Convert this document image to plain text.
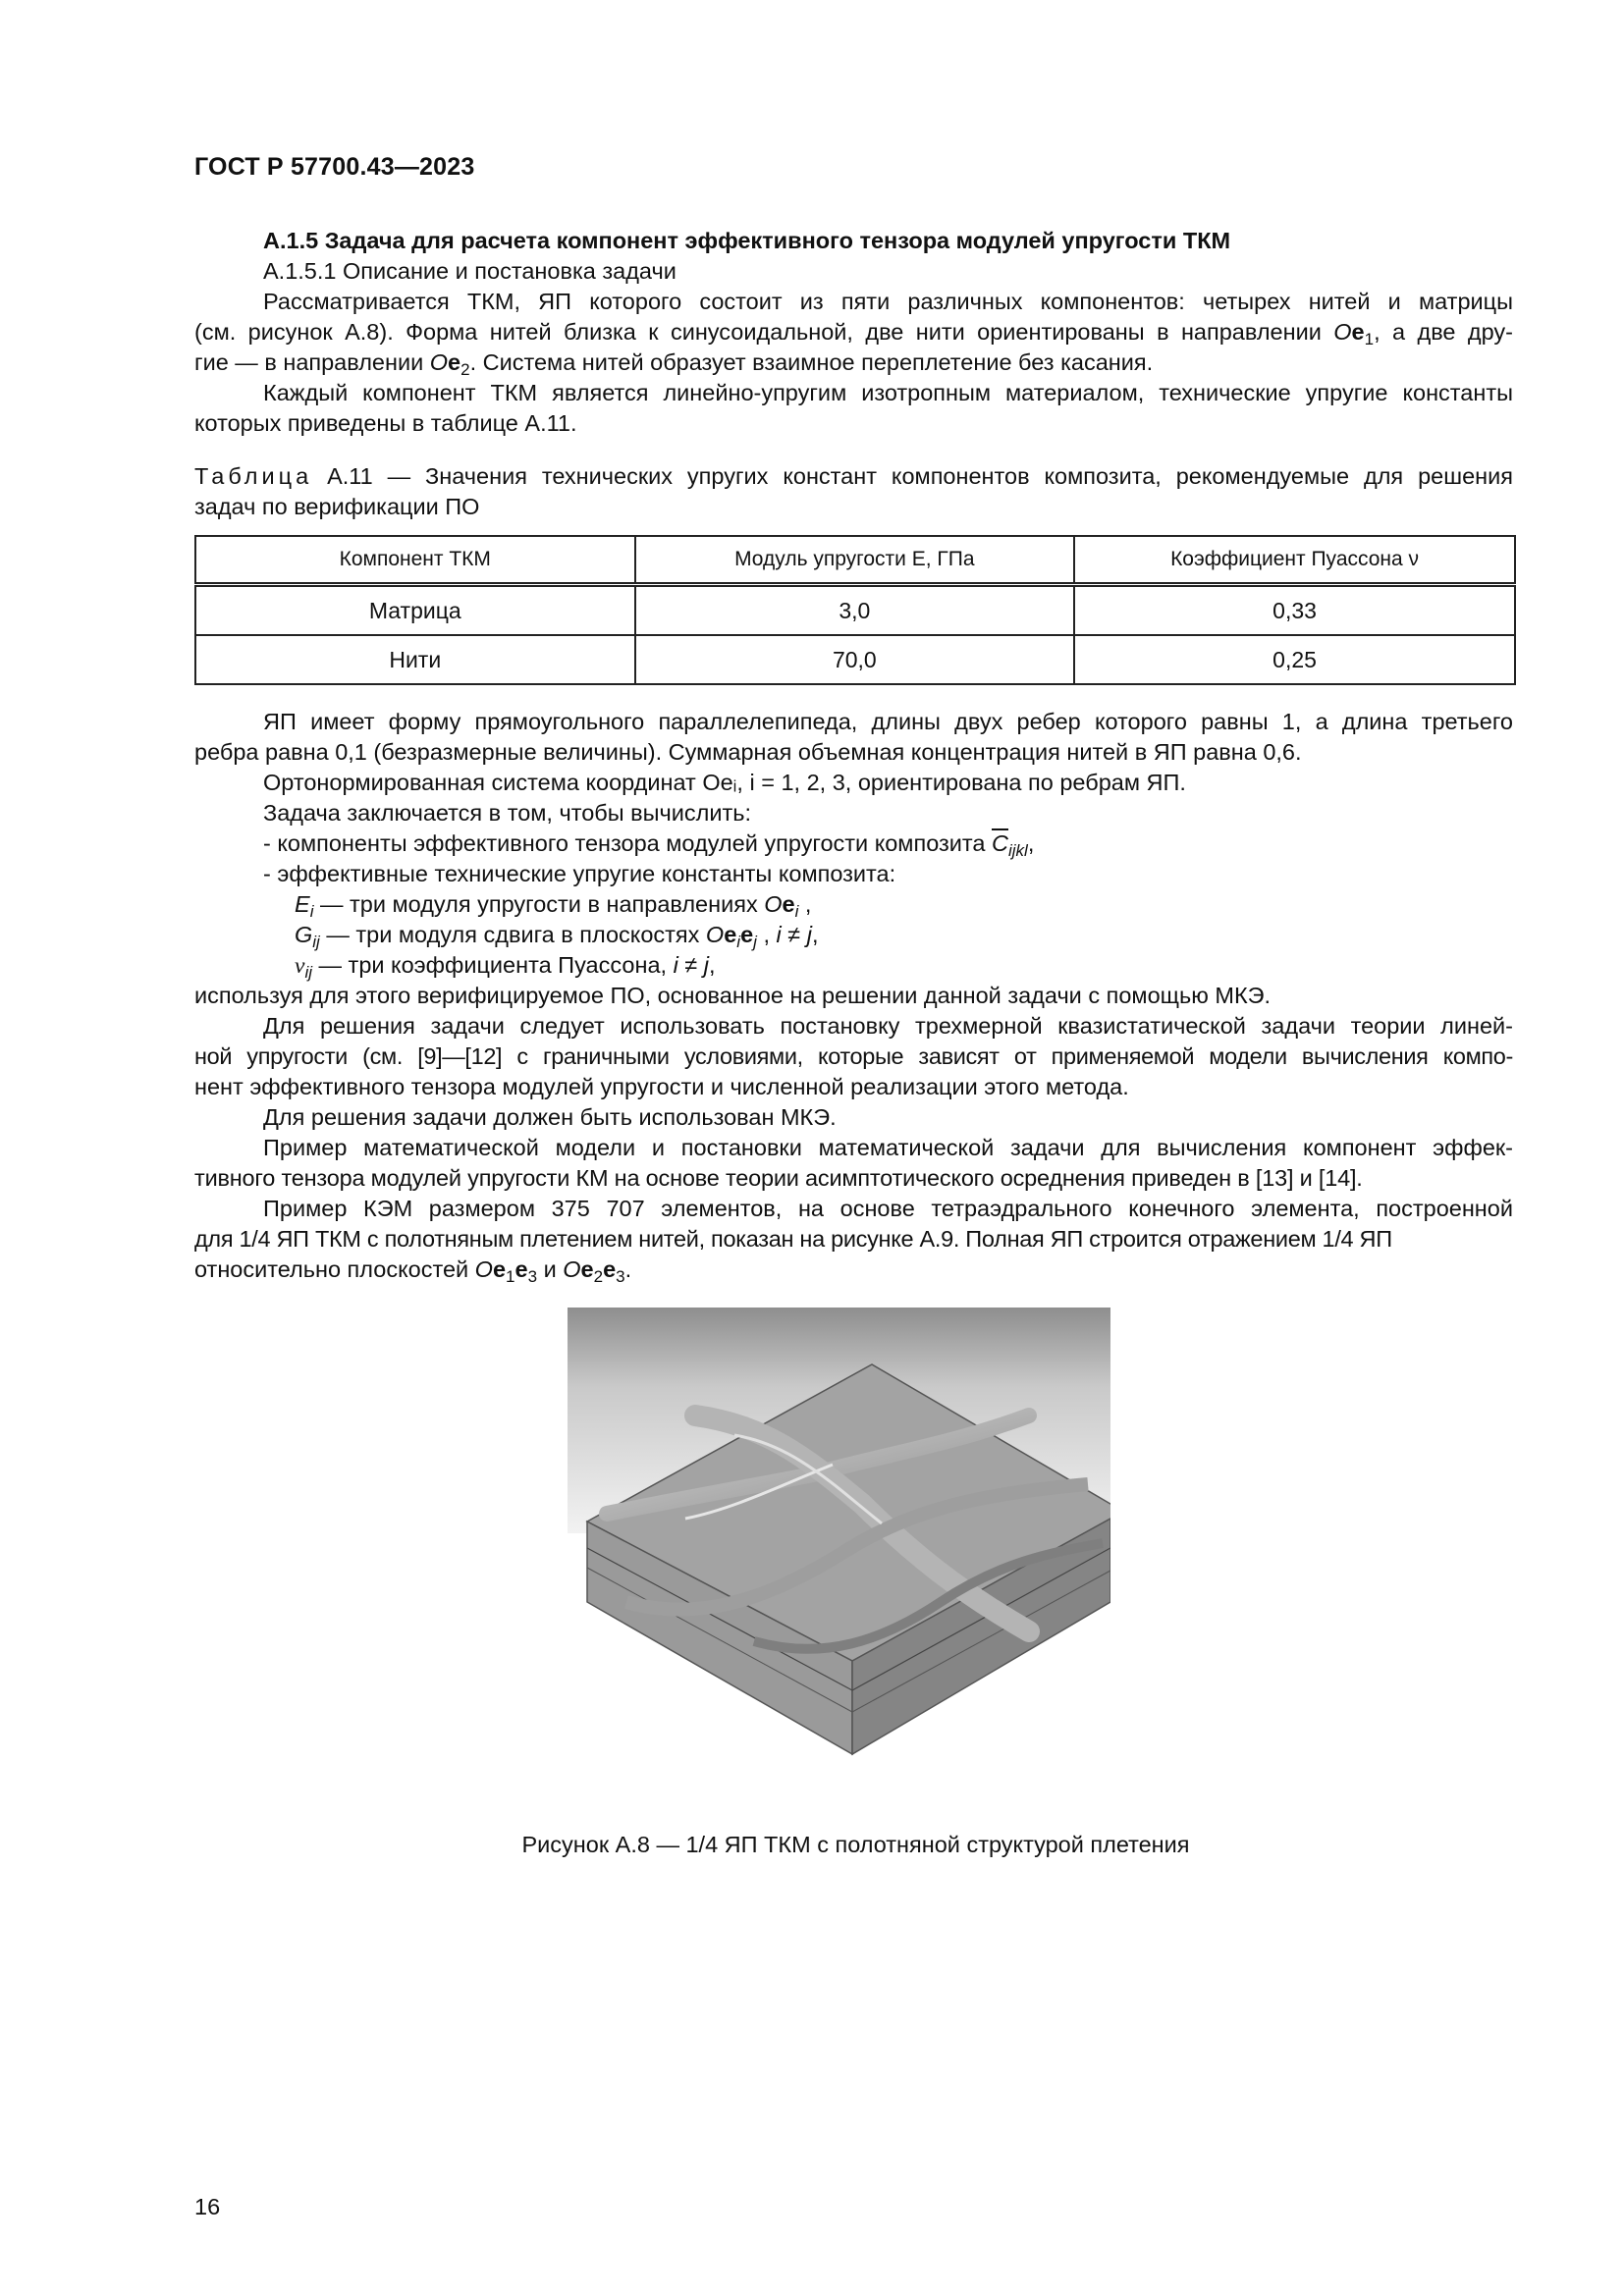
ГОСТ Р 57700.43—2023
А.1.5 Задача для расчета компонент эффективного тензора модулей упругости ТКМ
А.1.5.1 Описание и постановка задачи
Рассматривается ТКМ, ЯП которого состоит из пяти различных компонентов: четырех нитей и матрицы
(см. рисунок А.8). Форма нитей близка к синусоидальной, две нити ориентированы в направлении $Oe_1$, а две дру-
гие — в направлении $Oe_2$. Система нитей образует взаимное переплетение без касания.
Каждый компонент ТКМ является линейно-упругим изотропным материалом, технические упругие константы
которых приведены в таблице А.11.
Таблица А.11 — Значения технических упругих констант компонентов композита, рекомендуемые для решения
задач по верификации ПО
Компонент ТКМ	Модуль упругости E, ГПа	Коэффициент Пуассона ν
Матрица	3,0	0,33
Нити	70,0	0,25
ЯП имеет форму прямоугольного параллелепипеда, длины двух ребер которого равны 1, а длина третьего
ребра равна 0,1 (безразмерные величины). Суммарная объемная концентрация нитей в ЯП равна 0,6.
Ортонормированная система координат Oeᵢ, i = 1, 2, 3, ориентирована по ребрам ЯП.
Задача заключается в том, чтобы вычислить:
- компоненты эффективного тензора модулей упругости композита $\overline{C}_{ijkl}$,
- эффективные технические упругие константы композита:
$E_i$ — три модуля упругости в направлениях $Oe_i$ ,
$G_{ij}$ — три модуля сдвига в плоскостях $Oe_ie_j$ , i ≠ j,
$\nu_{ij}$ — три коэффициента Пуассона, i ≠ j,
используя для этого верифицируемое ПО, основанное на решении данной задачи с помощью МКЭ.
Для решения задачи следует использовать постановку трехмерной квазистатической задачи теории линей-
ной упругости (см. [9]—[12] с граничными условиями, которые зависят от применяемой модели вычисления компо-
нент эффективного тензора модулей упругости и численной реализации этого метода.
Для решения задачи должен быть использован МКЭ.
Пример математической модели и постановки математической задачи для вычисления компонент эффек-
тивного тензора модулей упругости КМ на основе теории асимптотического осреднения приведен в [13] и [14].
Пример КЭМ размером 375 707 элементов, на основе тетраэдрального конечного элемента, построенной
для 1/4 ЯП ТКМ с полотняным плетением нитей, показан на рисунке А.9. Полная ЯП строится отражением 1/4 ЯП
относительно плоскостей $Oe_1e_3$ и $Oe_2e_3$.
Рисунок А.8 — 1/4 ЯП ТКМ с полотняной структурой плетения
16
